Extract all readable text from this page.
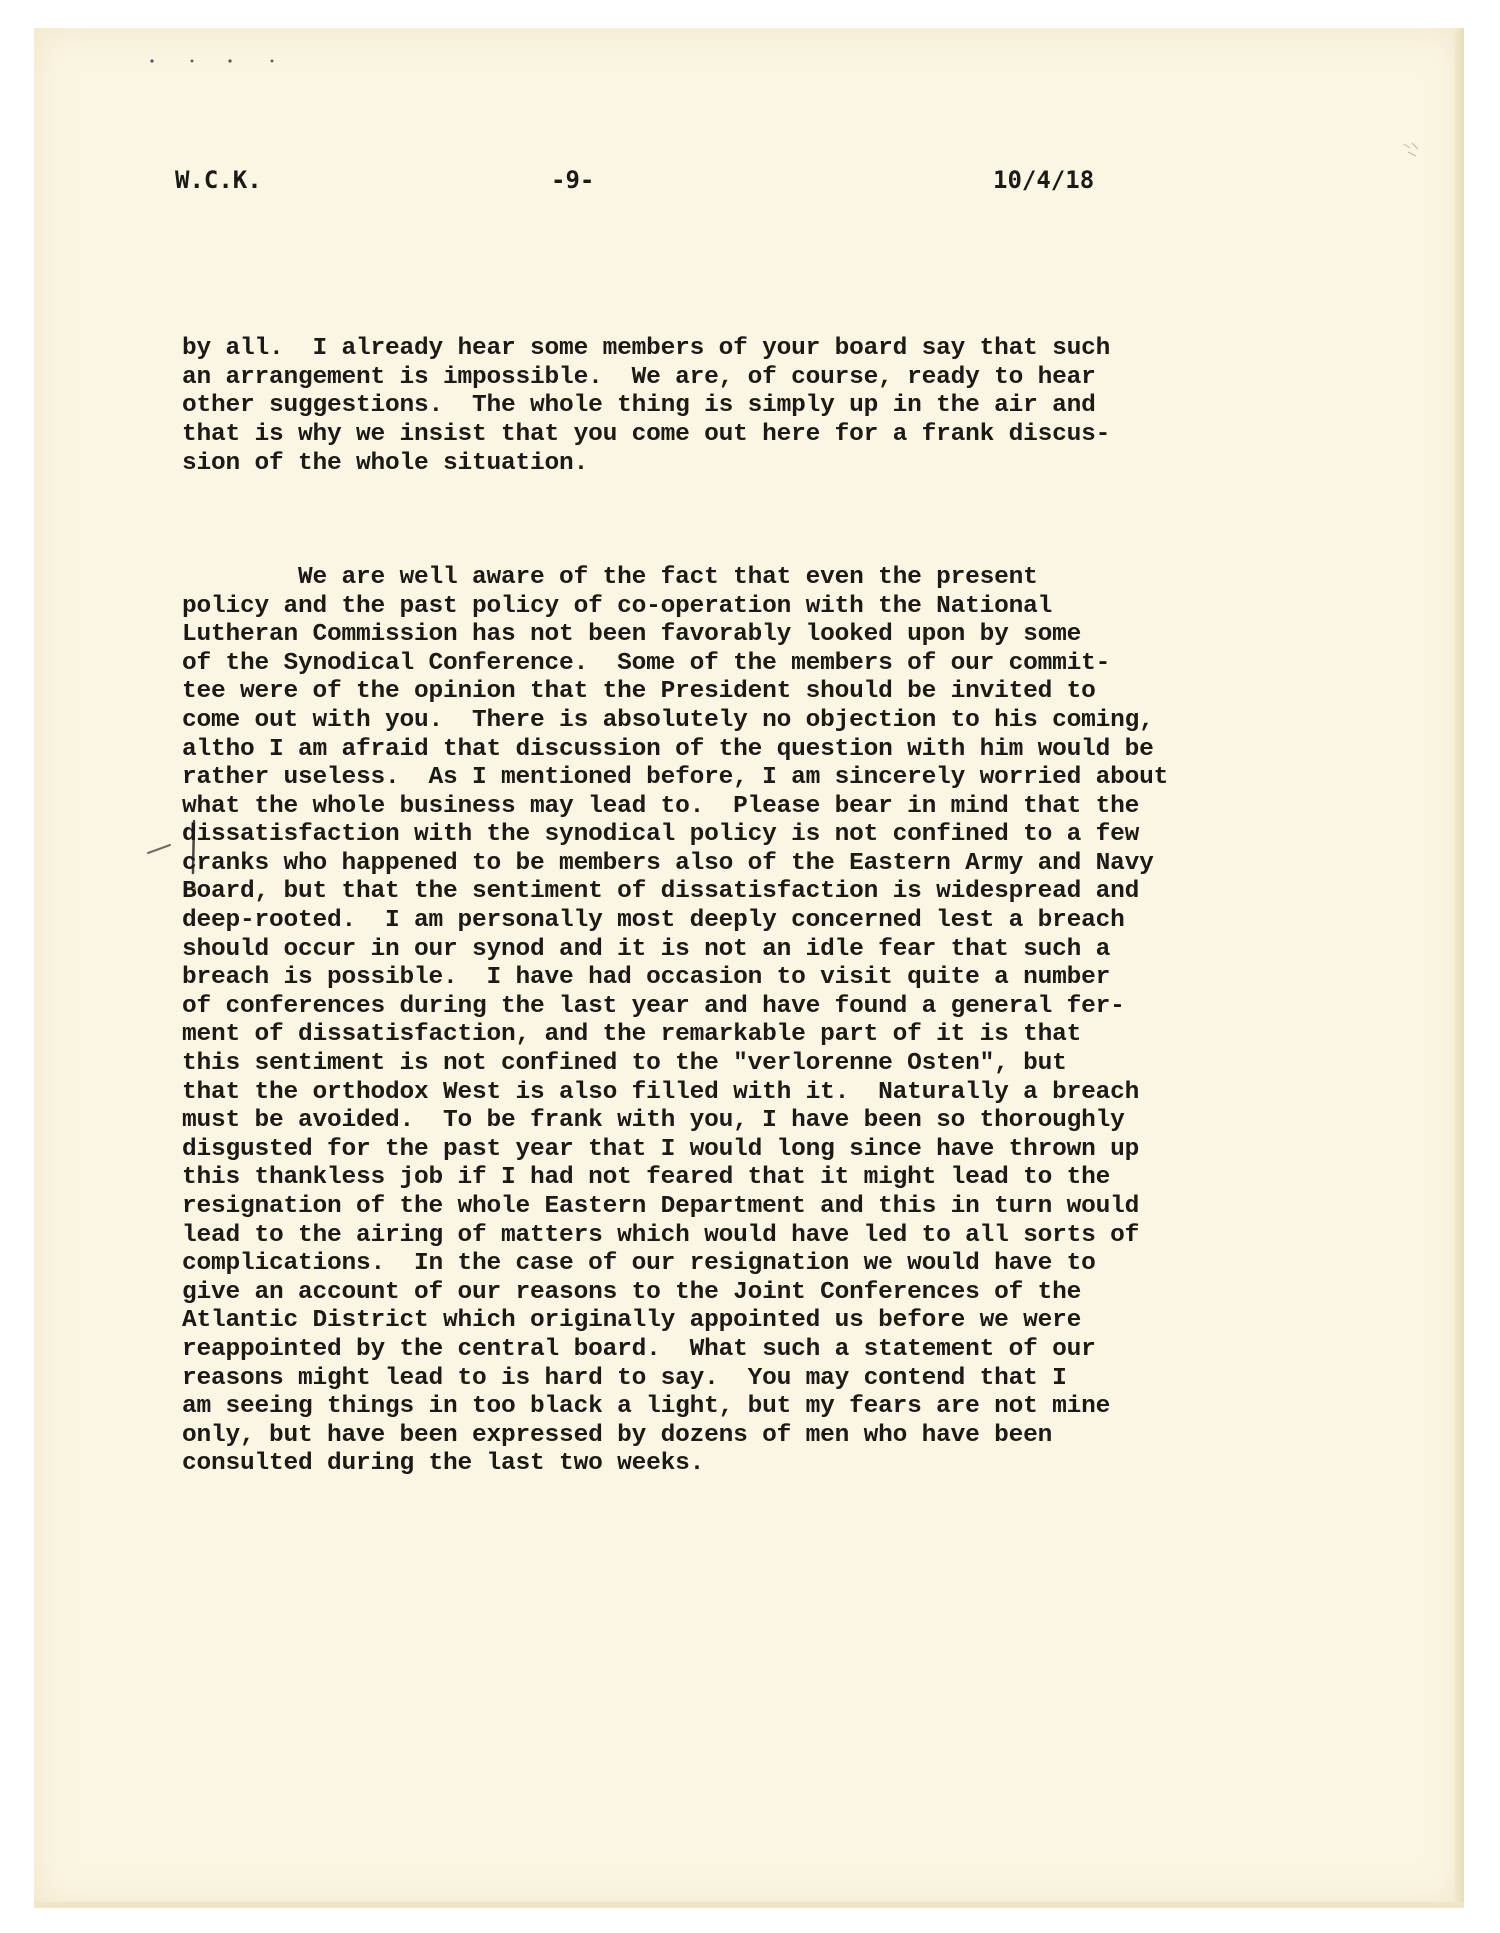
W.C.K.	-9-	10/4/18

by all.  I already hear some members of your board say that such
an arrangement is impossible.  We are, of course, ready to hear
other suggestions.  The whole thing is simply up in the air and
that is why we insist that you come out here for a frank discus-
sion of the whole situation.

We are well aware of the fact that even the present
policy and the past policy of co-operation with the National
Lutheran Commission has not been favorably looked upon by some
of the Synodical Conference.  Some of the members of our commit-
tee were of the opinion that the President should be invited to
come out with you.  There is absolutely no objection to his coming,
altho I am afraid that discussion of the question with him would be
rather useless.  As I mentioned before, I am sincerely worried about
what the whole business may lead to.  Please bear in mind that the
dissatisfaction with the synodical policy is not confined to a few
cranks who happened to be members also of the Eastern Army and Navy
Board, but that the sentiment of dissatisfaction is widespread and
deep-rooted.  I am personally most deeply concerned lest a breach
should occur in our synod and it is not an idle fear that such a
breach is possible.  I have had occasion to visit quite a number
of conferences during the last year and have found a general fer-
ment of dissatisfaction, and the remarkable part of it is that
this sentiment is not confined to the "verlorenne Osten", but
that the orthodox West is also filled with it.  Naturally a breach
must be avoided.  To be frank with you, I have been so thoroughly
disgusted for the past year that I would long since have thrown up
this thankless job if I had not feared that it might lead to the
resignation of the whole Eastern Department and this in turn would
lead to the airing of matters which would have led to all sorts of
complications.  In the case of our resignation we would have to
give an account of our reasons to the Joint Conferences of the
Atlantic District which originally appointed us before we were
reappointed by the central board.  What such a statement of our
reasons might lead to is hard to say.  You may contend that I
am seeing things in too black a light, but my fears are not mine
only, but have been expressed by dozens of men who have been
consulted during the last two weeks.
